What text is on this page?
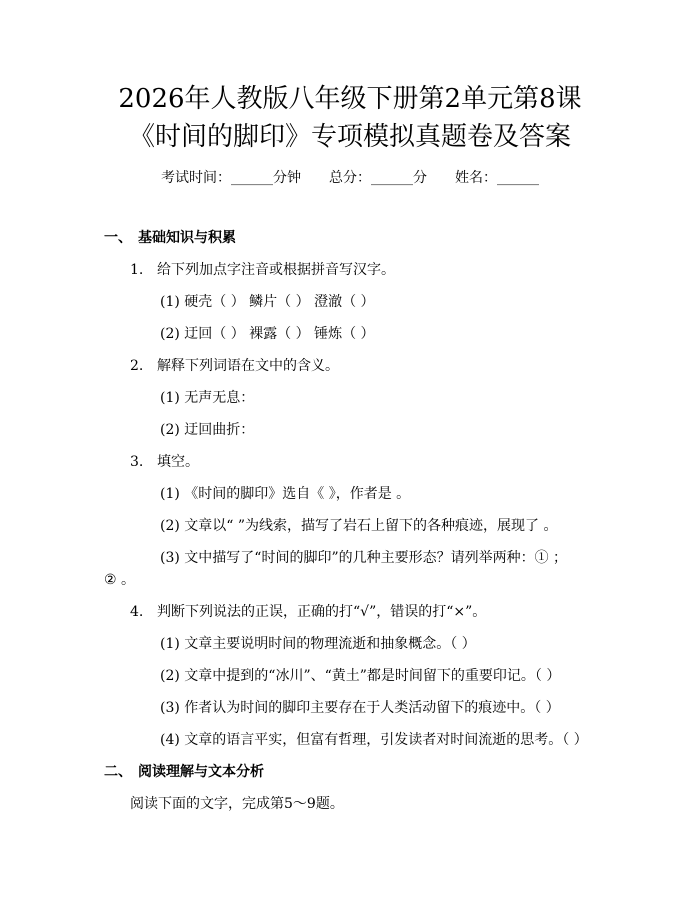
2026年人教版八年级下册第2单元第8课
《时间的脚印》专项模拟真题卷及答案
考试时间：______分钟 总分：______分 姓名：______
一、 基础知识与积累
1. 给下列加点字注音或根据拼音写汉字。
(1) 硬壳（ ） 鳞片（ ） 澄澈（ ）
(2) 迂回（ ） 裸露（ ） 锤炼（ ）
2. 解释下列词语在文中的含义。
(1) 无声无息：
(2) 迂回曲折：
3. 填空。
(1) 《时间的脚印》选自《 》，作者是 。
(2) 文章以“ ”为线索，描写了岩石上留下的各种痕迹，展现了 。
(3) 文中描写了“时间的脚印”的几种主要形态？请列举两种：① ；
② 。
4. 判断下列说法的正误，正确的打“√”，错误的打“×”。
(1) 文章主要说明时间的物理流逝和抽象概念。（ ）
(2) 文章中提到的“冰川”、“黄土”都是时间留下的重要印记。（ ）
(3) 作者认为时间的脚印主要存在于人类活动留下的痕迹中。（ ）
(4) 文章的语言平实，但富有哲理，引发读者对时间流逝的思考。（ ）
二、 阅读理解与文本分析
阅读下面的文字，完成第5～9题。
